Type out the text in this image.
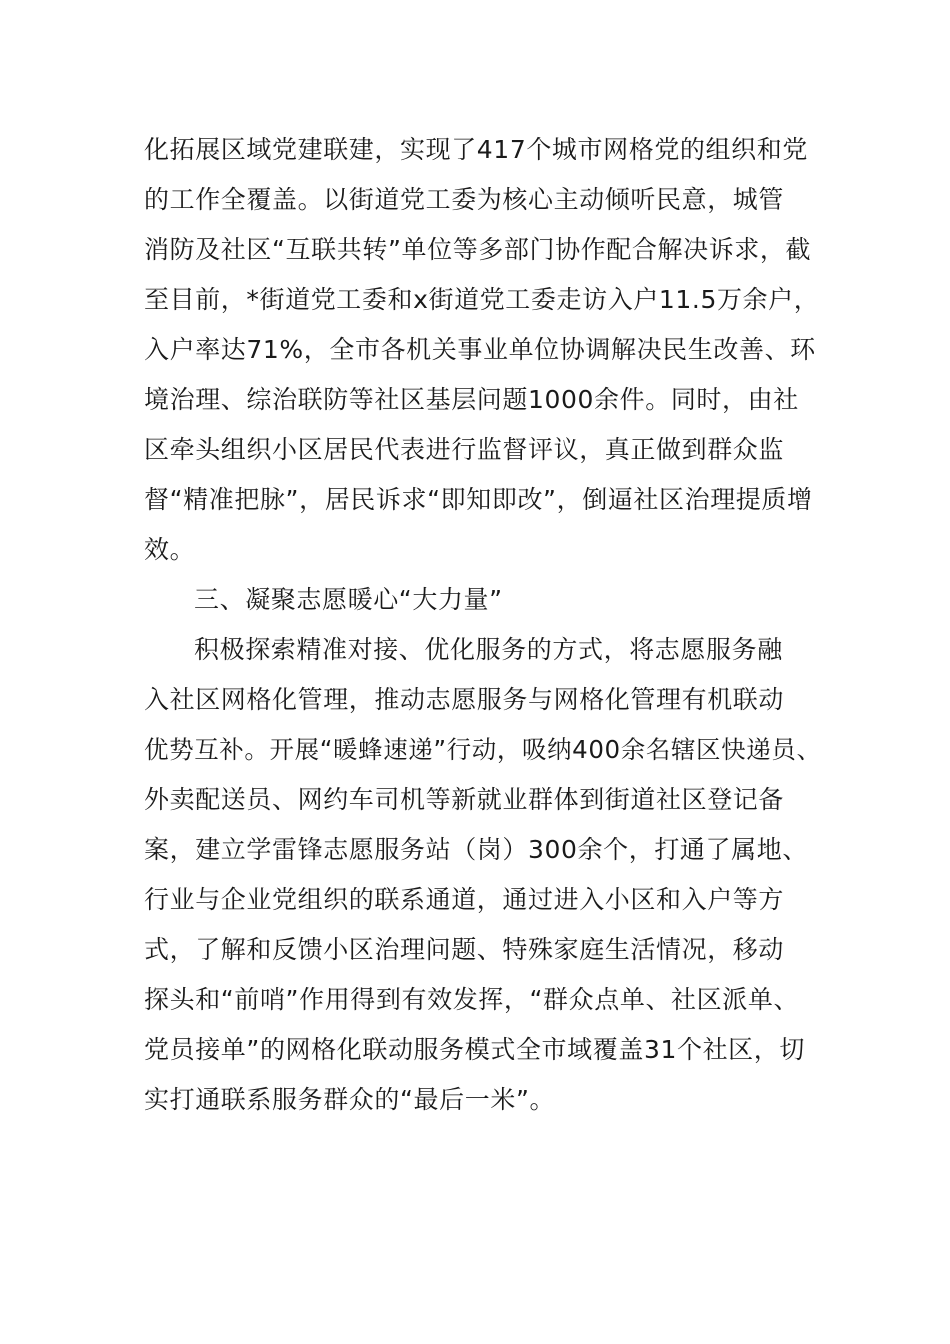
化拓展区域党建联建，实现了417个城市网格党的组织和党
的工作全覆盖。以街道党工委为核心主动倾听民意，城管
消防及社区“互联共转”单位等多部门协作配合解决诉求，截
至目前，*街道党工委和x街道党工委走访入户11.5万余户，
入户率达71%，全市各机关事业单位协调解决民生改善、环
境治理、综治联防等社区基层问题1000余件。同时，由社
区牵头组织小区居民代表进行监督评议，真正做到群众监
督“精准把脉”，居民诉求“即知即改”，倒逼社区治理提质增
效。
三、凝聚志愿暖心“大力量”
积极探索精准对接、优化服务的方式，将志愿服务融
入社区网格化管理，推动志愿服务与网格化管理有机联动
优势互补。开展“暖蜂速递”行动，吸纳400余名辖区快递员、
外卖配送员、网约车司机等新就业群体到街道社区登记备
案，建立学雷锋志愿服务站（岗）300余个，打通了属地、
行业与企业党组织的联系通道，通过进入小区和入户等方
式，了解和反馈小区治理问题、特殊家庭生活情况，移动
探头和“前哨”作用得到有效发挥，“群众点单、社区派单、
党员接单”的网格化联动服务模式全市域覆盖31个社区，切
实打通联系服务群众的“最后一米”。
